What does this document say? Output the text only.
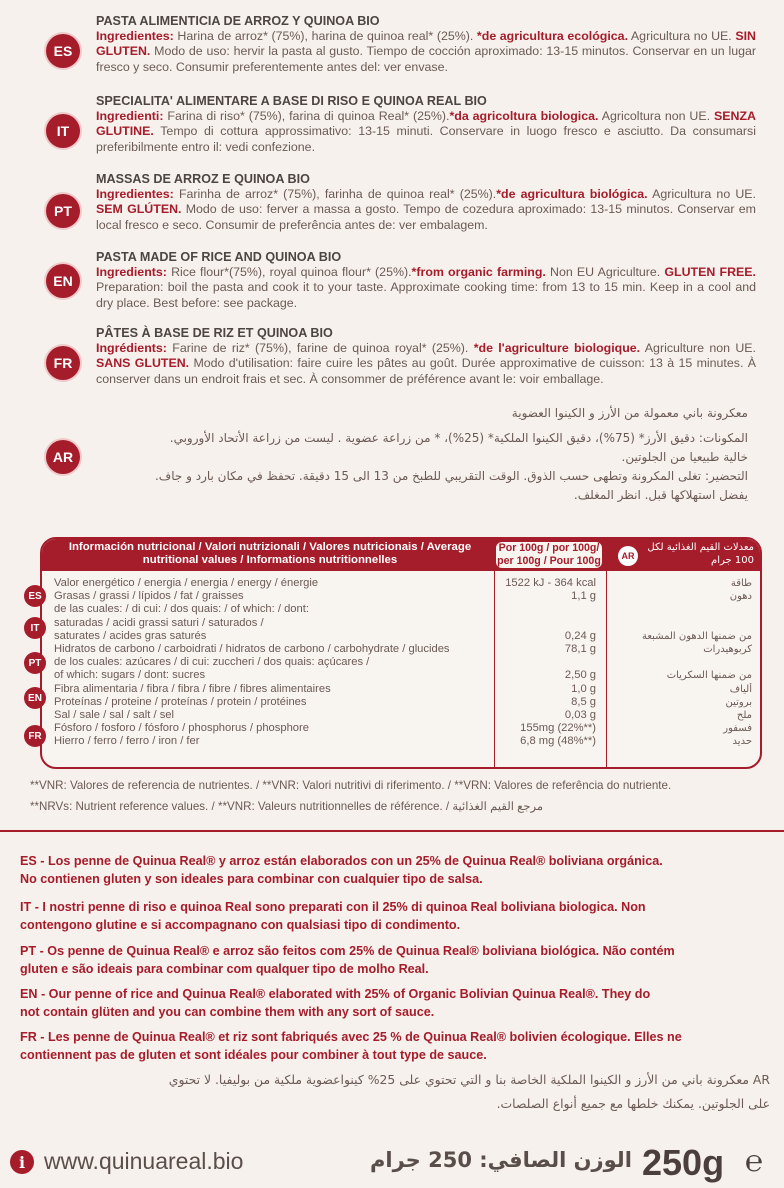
ES
PASTA ALIMENTICIA DE ARROZ Y QUINOA BIO
Ingredientes: Harina de arroz* (75%), harina de quinoa real* (25%). *de agricultura ecológica. Agricultura no UE. SIN GLUTEN. Modo de uso: hervir la pasta al gusto. Tiempo de cocción aproximado: 13-15 minutos. Conservar en un lugar fresco y seco. Consumir preferentemente antes del: ver envase.
IT
SPECIALITA' ALIMENTARE A BASE DI RISO E QUINOA REAL BIO
Ingredienti: Farina di riso* (75%), farina di quinoa Real* (25%).*da agricoltura biologica. Agricoltura non UE. SENZA GLUTINE. Tempo di cottura approssimativo: 13-15 minuti. Conservare in luogo fresco e asciutto. Da consumarsi preferibilmente entro il: vedi confezione.
PT
MASSAS DE ARROZ E QUINOA BIO
Ingredientes: Farinha de arroz* (75%), farinha de quinoa real* (25%).*de agricultura biológica. Agricultura no UE. SEM GLÚTEN. Modo de uso: ferver a massa a gosto. Tempo de cozedura aproximado: 13-15 minutos. Conservar em local fresco e seco. Consumir de preferência antes de: ver embalagem.
EN
PASTA MADE OF RICE AND QUINOA BIO
Ingredients: Rice flour*(75%), royal quinoa flour* (25%).*from organic farming. Non EU Agriculture. GLUTEN FREE. Preparation: boil the pasta and cook it to your taste. Approximate cooking time: from 13 to 15 min. Keep in a cool and dry place. Best before: see package.
FR
PÂTES À BASE DE RIZ ET QUINOA BIO
Ingrédients: Farine de riz* (75%), farine de quinoa royal* (25%). *de l'agriculture biologique. Agriculture non UE. SANS GLUTEN. Modo d'utilisation: faire cuire les pâtes au goût. Durée approximative de cuisson: 13 à 15 minutes. À conserver dans un endroit frais et sec. À consommer de préférence avant le: voir emballage.
AR
معكرونة باني معمولة من الأرز و الكينوا العضوية
المكونات: دقيق الأرز* (75%)، دقيق الكينوا الملكية* (25%)، * من زراعة عضوية . ليست من زراعة الأتحاد الأوروبي.
خالية طبيعيا من الجلوتين.
التحضير: تغلى المكرونة وتطهى حسب الذوق. الوقت التقريبي للطبخ من 13 الى 15 دقيقة. تحفظ في مكان بارد و جاف.
يفضل استهلاكها قبل. انظر المغلف.
Información nutricional / Valori nutrizionali / Valores nutricionais / Average nutritional values / Informations nutritionnelles
Por 100g / por 100g/ per 100g / Pour 100g	AR
معدلات القيم الغذائية لكل 100 جرام
Valor energético / energia / energia / energy / énergie
Grasas / grassi / lípidos / fat / graisses
de las cuales: / di cui: / dos quais: / of which: / dont:
saturadas / acidi grassi saturi / saturados /
saturates / acides gras saturés
Hidratos de carbono / carboidrati / hidratos de carbono / carbohydrate / glucides
de los cuales: azúcares / di cui: zuccheri / dos quais: açúcares /
of which: sugars / dont: sucres
Fibra alimentaria / fibra / fibra / fibre / fibres alimentaires
Proteínas / proteine / proteínas / protein / protéines
Sal / sale / sal / salt / sel
Fósforo / fosforo / fósforo / phosphorus / phosphore
Hierro / ferro / ferro / iron / fer
1522 kJ - 364 kcal
1,1 g
0,24 g
78,1 g
2,50 g
1,0 g
8,5 g
0,03 g
155mg (22%**)
6,8 mg (48%**)
طاقة
دهون
من ضمنها الدهون المشبعة
كربوهيدرات
من ضمنها السكريات
ألياف
بروتين
ملح
فسفور
حديد
ES
IT
PT
EN
FR
**VNR: Valores de referencia de nutrientes. / **VNR: Valori nutritivi di riferimento. / **VRN: Valores de referência do nutriente.
**NRVs: Nutrient reference values. / **VNR: Valeurs nutritionnelles de référence. / مرجع القيم الغذائية
ES - Los penne de Quinua Real® y arroz están elaborados con un 25% de Quinua Real® boliviana orgánica.
No contienen gluten y son ideales para combinar con cualquier tipo de salsa.
IT - I nostri penne di riso e quinoa Real sono preparati con il 25% di quinoa Real boliviana biologica. Non
contengono glutine e si accompagnano con qualsiasi tipo di condimento.
PT - Os penne de Quinua Real® e arroz são feitos com 25% de Quinua Real® boliviana biológica. Não contém
gluten e são ideais para combinar com qualquer tipo de molho Real.
EN - Our penne of rice and Quinua Real® elaborated with 25% of Organic Bolivian Quinua Real®. They do
not contain glüten and you can combine them with any sort of sauce.
FR - Les penne de Quinua Real® et riz sont fabriqués avec 25 % de Quinua Real® bolivien écologique. Elles ne
contiennent pas de gluten et sont idéales pour combiner à tout type de sauce.
AR معكرونة باني من الأرز و الكينوا الملكية الخاصة بنا و التي تحتوي على 25% كينواعضوية ملكية من بوليفيا. لا تحتوي
على الجلوتين. يمكنك خلطها مع جميع أنواع الصلصات.
i www.quinuareal.bio	الوزن الصافي: 250 جرام 250g ℮
